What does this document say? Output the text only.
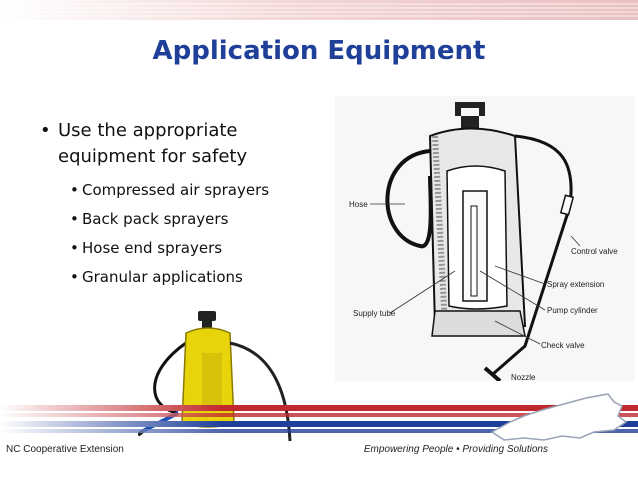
Application Equipment
• Use the appropriate equipment for safety
• Compressed air sprayers
• Back pack sprayers
• Hose end sprayers
• Granular applications
Hose
Control valve
Spray extension
Pump cylinder
Supply tube
Check valve
Nozzle
NC Cooperative Extension	Empowering People • Providing Solutions
